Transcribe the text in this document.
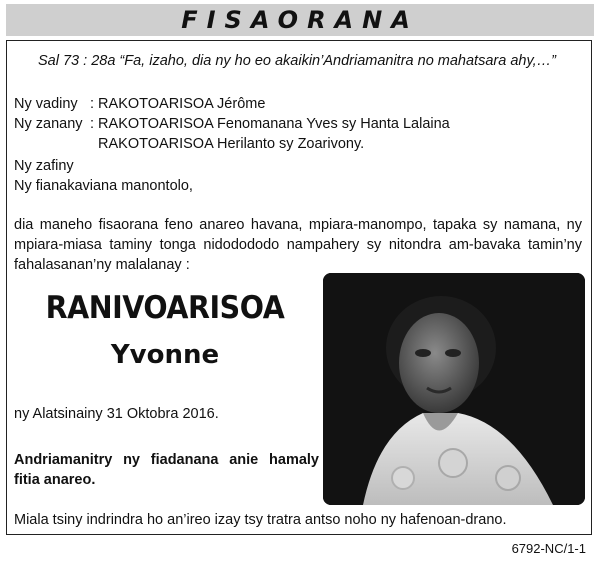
FISAORANA
Sal 73 : 28a “Fa, izaho, dia ny ho eo akaikin’Andriamanitra no mahatsara ahy,…”
Ny vadiny : RAKOTOARISOA Jérôme
Ny zanany : RAKOTOARISOA Fenomanana Yves sy Hanta Lalaina
RAKOTOARISOA Herilanto sy Zoarivony.
Ny zafiny
Ny fianakaviana manontolo,
dia maneho fisaorana feno anareo havana, mpiara-manompo, tapaka sy namana, ny mpiara-miasa taminy tonga nidodododo nampahery sy nitondra am-bavaka tamin’ny fahalasanan’ny malalanay :
RANIVOARISOA
Yvonne
ny Alatsinainy 31 Oktobra 2016.
Andriamanitry ny fiadanana anie hamaly fitia anareo.
Miala tsiny indrindra ho an’ireo izay tsy tratra antso noho ny hafenoan-drano.
6792-NC/1-1
